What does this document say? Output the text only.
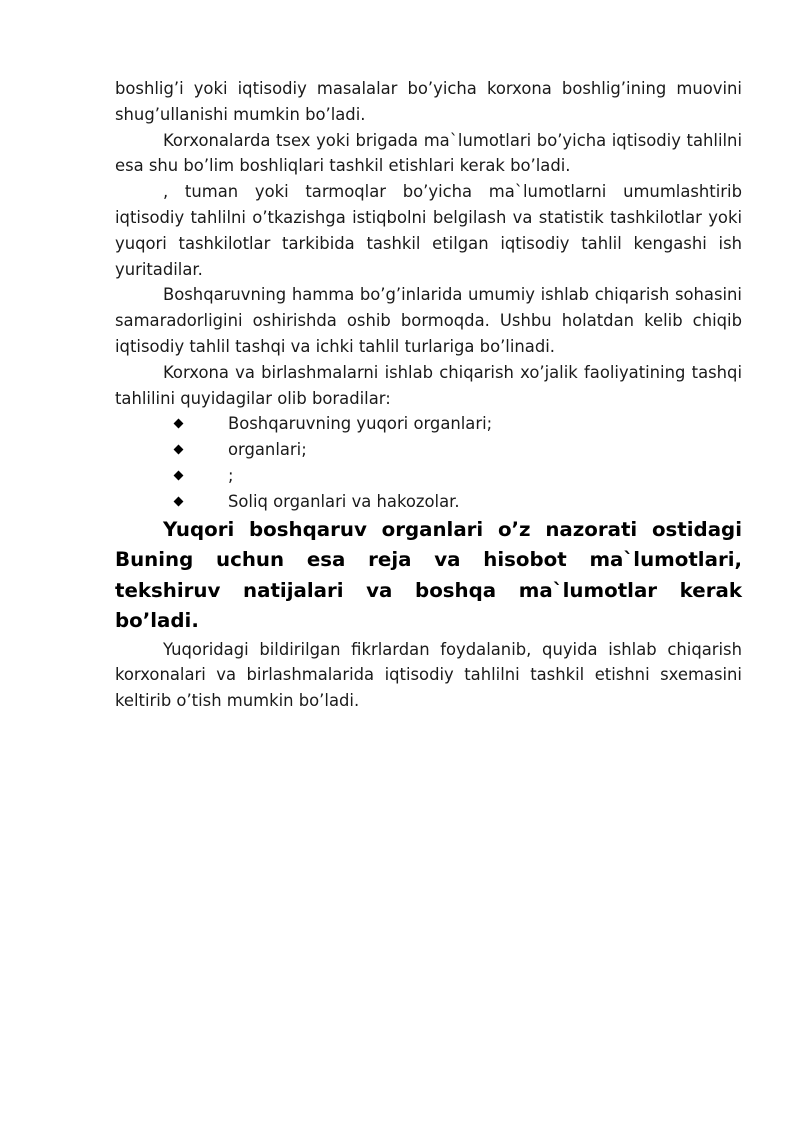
boshlig’i yoki iqtisodiy masalalar bo’yicha korxona boshlig’ining muovini shug’ullanishi mumkin bo’ladi.

Korxonalarda tsex yoki brigada ma`lumotlari bo’yicha iqtisodiy tahlilni esa shu bo’lim boshliqlari tashkil etishlari kerak bo’ladi.

, tuman yoki tarmoqlar bo’yicha ma`lumotlarni umumlashtirib iqtisodiy tahlilni o’tkazishga istiqbolni belgilash va statistik tashkilotlar yoki yuqori tashkilotlar tarkibida tashkil etilgan iqtisodiy tahlil kengashi ish yuritadilar.

Boshqaruvning hamma bo’g’inlarida umumiy ishlab chiqarish sohasini samaradorligini oshirishda oshib bormoqda. Ushbu holatdan kelib chiqib iqtisodiy tahlil tashqi va ichki tahlil turlariga bo’linadi.

Korxona va birlashmalarni ishlab chiqarish xo’jalik faoliyatining tashqi tahlilini quyidagilar olib boradilar:

Boshqaruvning yuqori organlari;
organlari;
;
Soliq organlari va hakozolar.

Yuqori boshqaruv organlari o’z nazorati ostidagi Buning uchun esa reja va hisobot ma`lumotlari, tekshiruv natijalari va boshqa ma`lumotlar kerak bo’ladi.

Yuqoridagi bildirilgan fikrlardan foydalanib, quyida ishlab chiqarish korxonalari va birlashmalarida iqtisodiy tahlilni tashkil etishni sxemasini keltirib o’tish mumkin bo’ladi.
